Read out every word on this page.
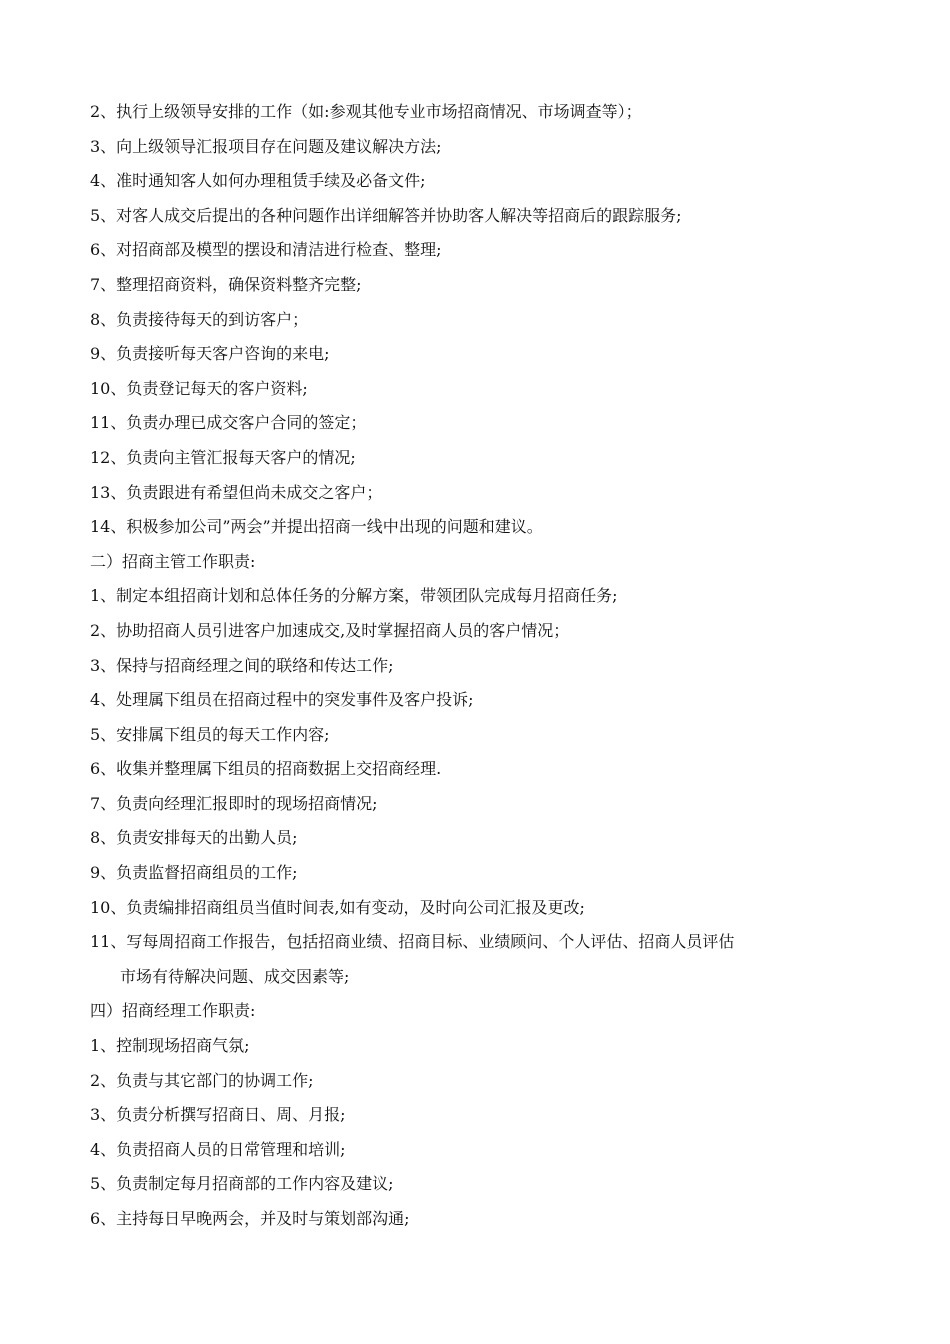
2、执行上级领导安排的工作（如:参观其他专业市场招商情况、市场调查等）；
3、向上级领导汇报项目存在问题及建议解决方法;
4、准时通知客人如何办理租赁手续及必备文件;
5、对客人成交后提出的各种问题作出详细解答并协助客人解决等招商后的跟踪服务;
6、对招商部及模型的摆设和清洁进行检查、整理;
7、整理招商资料，确保资料整齐完整;
8、负责接待每天的到访客户；
9、负责接听每天客户咨询的来电;
10、负责登记每天的客户资料;
11、负责办理已成交客户合同的签定；
12、负责向主管汇报每天客户的情况;
13、负责跟进有希望但尚未成交之客户；
14、积极参加公司”两会”并提出招商一线中出现的问题和建议。
二）招商主管工作职责:
1、制定本组招商计划和总体任务的分解方案，带领团队完成每月招商任务;
2、协助招商人员引进客户加速成交,及时掌握招商人员的客户情况；
3、保持与招商经理之间的联络和传达工作;
4、处理属下组员在招商过程中的突发事件及客户投诉;
5、安排属下组员的每天工作内容;
6、收集并整理属下组员的招商数据上交招商经理.
7、负责向经理汇报即时的现场招商情况;
8、负责安排每天的出勤人员;
9、负责监督招商组员的工作;
10、负责编排招商组员当值时间表,如有变动，及时向公司汇报及更改;
11、写每周招商工作报告，包括招商业绩、招商目标、业绩顾问、个人评估、招商人员评估
市场有待解决问题、成交因素等;
四）招商经理工作职责:
1、控制现场招商气氛;
2、负责与其它部门的协调工作;
3、负责分析撰写招商日、周、月报;
4、负责招商人员的日常管理和培训;
5、负责制定每月招商部的工作内容及建议;
6、主持每日早晚两会，并及时与策划部沟通;
